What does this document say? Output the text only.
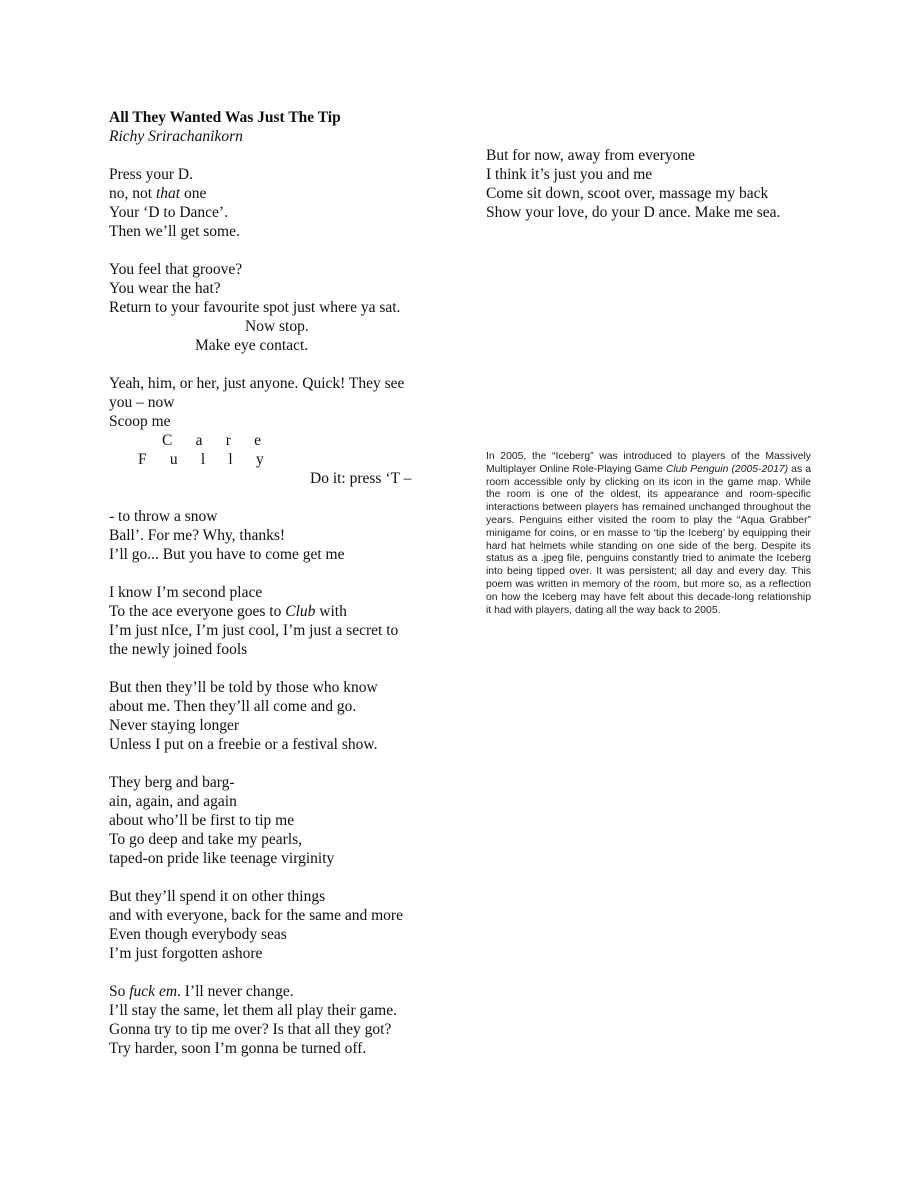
All They Wanted Was Just The Tip
Richy Srirachanikorn
Press your D.
no, not that one
Your ‘D to Dance’.
Then we’ll get some.
You feel that groove?
You wear the hat?
Return to your favourite spot just where ya sat.
Now stop.
Make eye contact.
Yeah, him, or her, just anyone. Quick! They see
you – now
Scoop me
C      a      r      e
F      u      l      l      y
Do it: press ‘T –
- to throw a snow
Ball’. For me? Why, thanks!
I’ll go... But you have to come get me
I know I’m second place
To the ace everyone goes to Club with
I’m just nIce, I’m just cool, I’m just a secret to
the newly joined fools
But then they’ll be told by those who know
about me. Then they’ll all come and go.
Never staying longer
Unless I put on a freebie or a festival show.
They berg and barg-
ain, again, and again
about who’ll be first to tip me
To go deep and take my pearls,
taped-on pride like teenage virginity
But they’ll spend it on other things
and with everyone, back for the same and more
Even though everybody seas
I’m just forgotten ashore
So fuck em. I’ll never change.
I’ll stay the same, let them all play their game.
Gonna try to tip me over? Is that all they got?
Try harder, soon I’m gonna be turned off.
But for now, away from everyone
I think it’s just you and me
Come sit down, scoot over, massage my back
Show your love, do your D ance. Make me sea.
In 2005, the “Iceberg” was introduced to players of the Massively Multiplayer Online Role-Playing Game Club Penguin (2005-2017) as a room accessible only by clicking on its icon in the game map. While the room is one of the oldest, its appearance and room-specific interactions between players has remained unchanged throughout the years. Penguins either visited the room to play the “Aqua Grabber” minigame for coins, or en masse to ‘tip the Iceberg’ by equipping their hard hat helmets while standing on one side of the berg. Despite its status as a .jpeg file, penguins constantly tried to animate the Iceberg into being tipped over. It was persistent; all day and every day. This poem was written in memory of the room, but more so, as a reflection on how the Iceberg may have felt about this decade-long relationship it had with players, dating all the way back to 2005.
